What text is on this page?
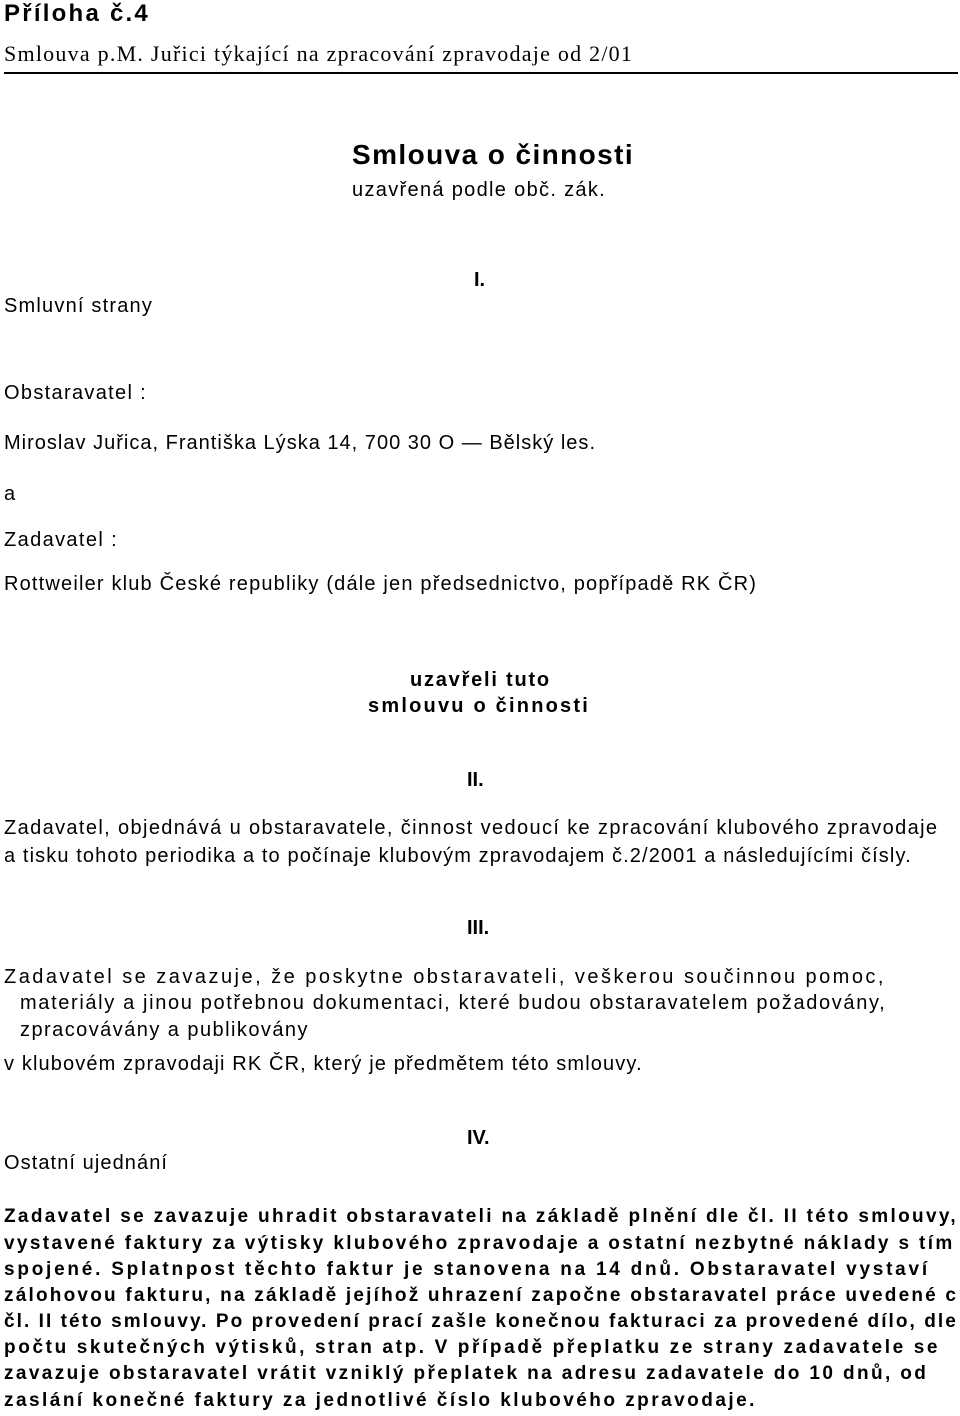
Příloha č.4
Smlouva p.M. Juřici týkající na zpracování zpravodaje od 2/01
Smlouva o činnosti
uzavřená podle obč. zák.
I.
Smluvní strany
Obstaravatel :
Miroslav Juřica, Františka Lýska 14, 700 30 O — Bělský les.
a
Zadavatel :
Rottweiler klub České republiky (dále jen předsednictvo, popřípadě RK ČR)
uzavřeli tuto
smlouvu o činnosti
II.
Zadavatel, objednává u obstaravatele, činnost vedoucí ke zpracování klubového zpravodaje
a tisku tohoto periodika a to počínaje klubovým zpravodajem č.2/2001 a následujícími čísly.
III.
Zadavatel se zavazuje, že poskytne obstaravateli, veškerou součinnou pomoc,
materiály a jinou potřebnou dokumentaci, které budou obstaravatelem požadovány,
zpracovávány a publikovány
v klubovém zpravodaji RK ČR, který je předmětem této smlouvy.
IV.
Ostatní ujednání
Zadavatel se zavazuje uhradit obstaravateli na základě plnění dle čl. II této smlouvy,
vystavené faktury za výtisky klubového zpravodaje a ostatní nezbytné náklady s tím
spojené. Splatnpost těchto faktur je stanovena na 14 dnů. Obstaravatel vystaví
zálohovou fakturu, na základě jejíhož uhrazení započne obstaravatel práce uvedené c
čl. II této smlouvy. Po provedení prací zašle konečnou fakturaci za provedené dílo, dle
počtu skutečných výtisků, stran atp. V případě přeplatku ze strany zadavatele se
zavazuje obstaravatel vrátit vzniklý přeplatek na adresu zadavatele do 10 dnů, od
zaslání konečné faktury za jednotlivé číslo klubového zpravodaje.
